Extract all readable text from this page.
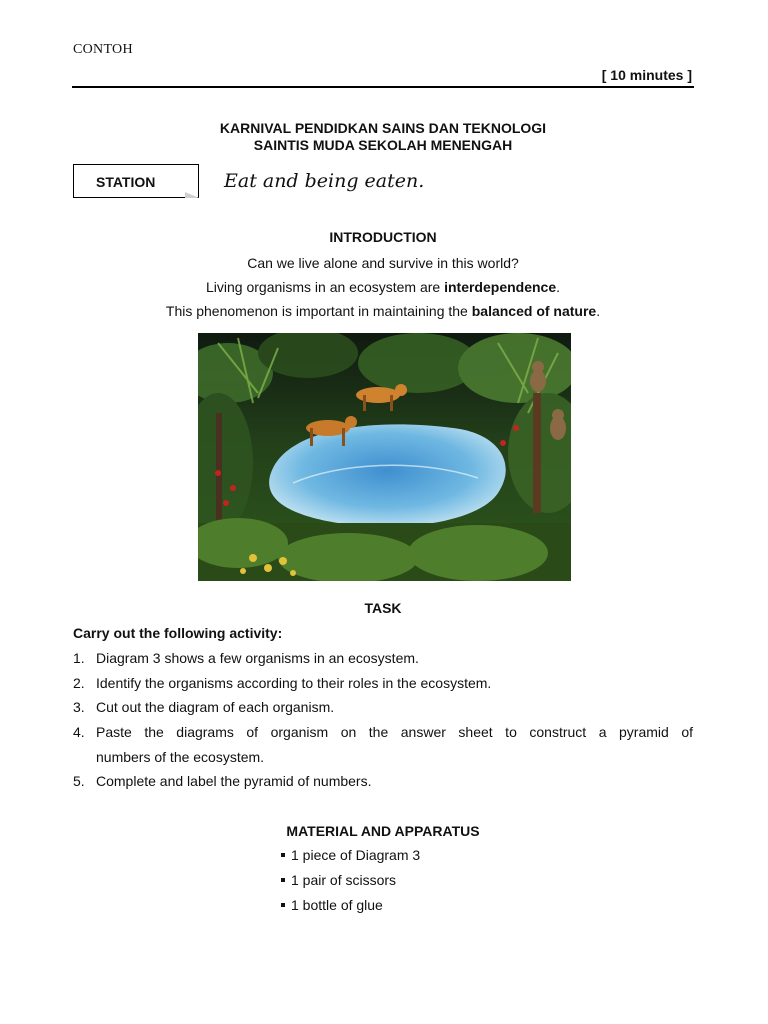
CONTOH
[ 10 minutes ]
KARNIVAL PENDIDKAN SAINS DAN TEKNOLOGI
SAINTIS MUDA SEKOLAH MENENGAH
STATION	Eat and being eaten.
INTRODUCTION
Can we live alone and survive in this world?
Living organisms in an ecosystem are interdependence.
This phenomenon is important in maintaining the balanced of nature.
TASK
Carry out the following activity:
1. Diagram 3 shows a few organisms in an ecosystem.
2. Identify the organisms according to their roles in the ecosystem.
3. Cut out the diagram of each organism.
4. Paste the diagrams of organism on the answer sheet to construct a pyramid of
numbers of the ecosystem.
5. Complete and label the pyramid of numbers.
MATERIAL AND APPARATUS
1 piece of Diagram 3
1 pair of scissors
1 bottle of glue
